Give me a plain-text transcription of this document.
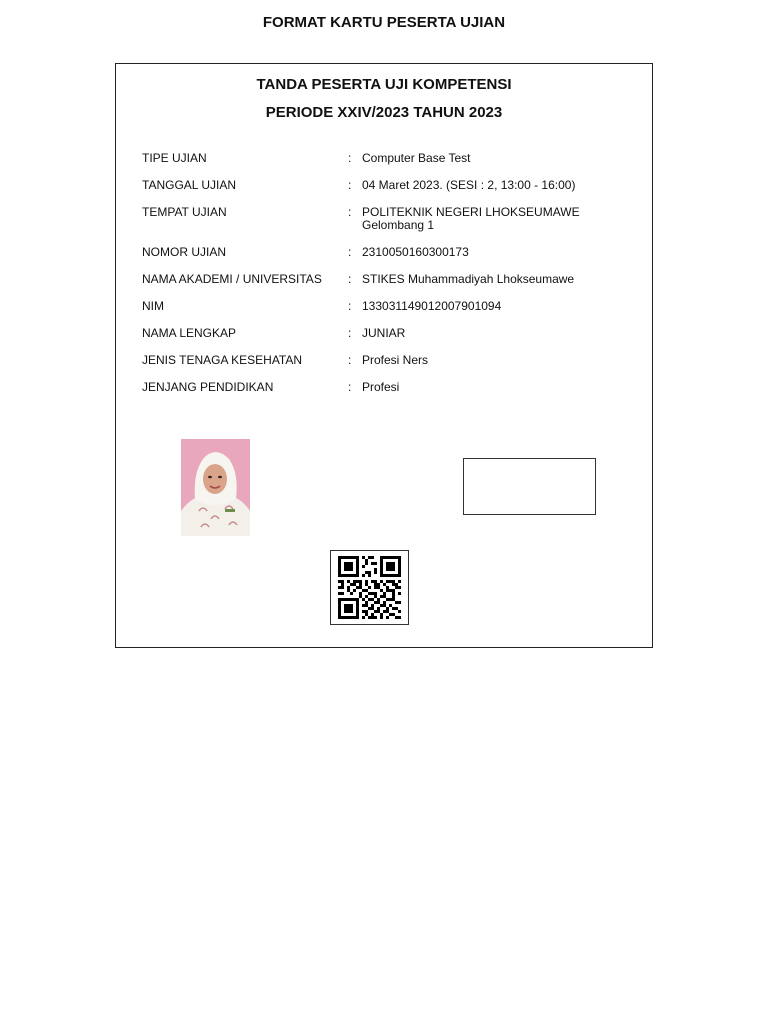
FORMAT KARTU PESERTA UJIAN
TANDA PESERTA UJI KOMPETENSI
PERIODE XXIV/2023 TAHUN 2023
TIPE UJIAN	: Computer Base Test
TANGGAL UJIAN	: 04 Maret 2023. (SESI : 2, 13:00 - 16:00)
TEMPAT UJIAN	: POLITEKNIK NEGERI LHOKSEUMAWE
Gelombang 1
NOMOR UJIAN	: 2310050160300173
NAMA AKADEMI / UNIVERSITAS	: STIKES Muhammadiyah Lhokseumawe
NIM	: 133031149012007901094
NAMA LENGKAP	: JUNIAR
JENIS TENAGA KESEHATAN	: Profesi Ners
JENJANG PENDIDIKAN	: Profesi
